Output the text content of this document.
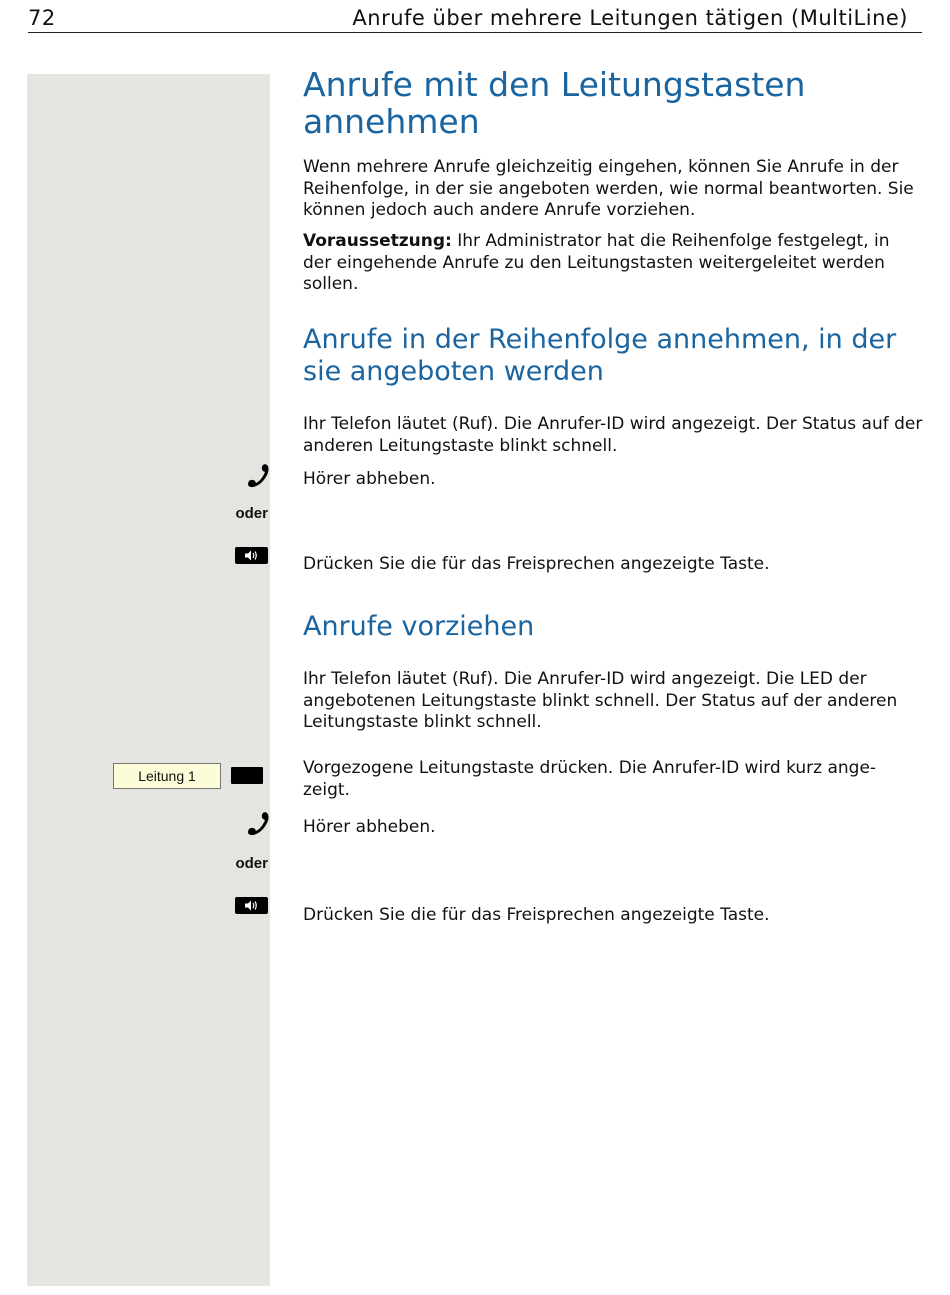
72	Anrufe über mehrere Leitungen tätigen (MultiLine)
Anrufe mit den Leitungstasten annehmen

Wenn mehrere Anrufe gleichzeitig eingehen, können Sie Anrufe in der Reihenfolge, in der sie angeboten werden, wie normal beantworten. Sie können jedoch auch andere Anrufe vorziehen.

Voraussetzung: Ihr Administrator hat die Reihenfolge festgelegt, in der eingehende Anrufe zu den Leitungstasten weitergeleitet werden sollen.

Anrufe in der Reihenfolge annehmen, in der sie angeboten werden

Ihr Telefon läutet (Ruf). Die Anrufer-ID wird angezeigt. Der Status auf der anderen Leitungstaste blinkt schnell.

Hörer abheben.

oder

Drücken Sie die für das Freisprechen angezeigte Taste.

Anrufe vorziehen

Ihr Telefon läutet (Ruf). Die Anrufer-ID wird angezeigt. Die LED der angebotenen Leitungstaste blinkt schnell. Der Status auf der anderen Leitungstaste blinkt schnell.

Leitung 1	Vorgezogene Leitungstaste drücken. Die Anrufer-ID wird kurz ange-zeigt.

Hörer abheben.

oder

Drücken Sie die für das Freisprechen angezeigte Taste.
